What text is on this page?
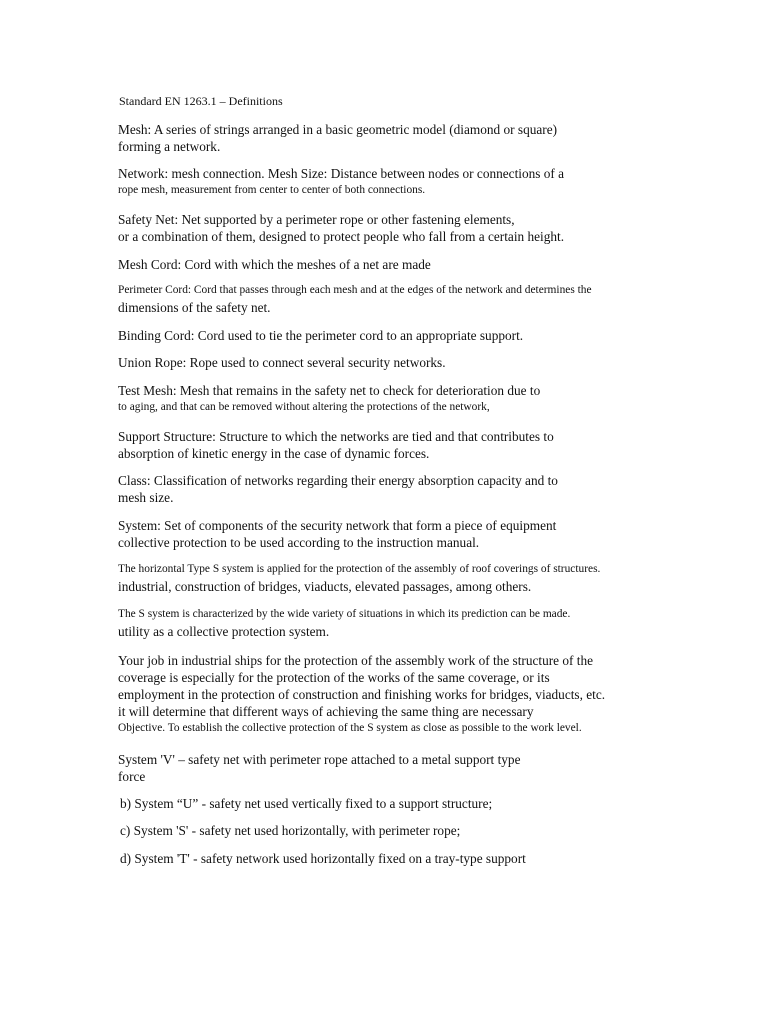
Standard EN 1263.1 – Definitions
Mesh: A series of strings arranged in a basic geometric model (diamond or square)
forming a network.
Network: mesh connection. Mesh Size: Distance between nodes or connections of a
rope mesh, measurement from center to center of both connections.
Safety Net: Net supported by a perimeter rope or other fastening elements,
or a combination of them, designed to protect people who fall from a certain height.
Mesh Cord: Cord with which the meshes of a net are made
Perimeter Cord: Cord that passes through each mesh and at the edges of the network and determines the
dimensions of the safety net.
Binding Cord: Cord used to tie the perimeter cord to an appropriate support.
Union Rope: Rope used to connect several security networks.
Test Mesh: Mesh that remains in the safety net to check for deterioration due to
to aging, and that can be removed without altering the protections of the network,
Support Structure: Structure to which the networks are tied and that contributes to
absorption of kinetic energy in the case of dynamic forces.
Class: Classification of networks regarding their energy absorption capacity and to
mesh size.
System: Set of components of the security network that form a piece of equipment
collective protection to be used according to the instruction manual.
The horizontal Type S system is applied for the protection of the assembly of roof coverings of structures.
industrial, construction of bridges, viaducts, elevated passages, among others.
The S system is characterized by the wide variety of situations in which its prediction can be made.
utility as a collective protection system.
Your job in industrial ships for the protection of the assembly work of the structure of the
coverage is especially for the protection of the works of the same coverage, or its
employment in the protection of construction and finishing works for bridges, viaducts, etc.
it will determine that different ways of achieving the same thing are necessary
Objective. To establish the collective protection of the S system as close as possible to the work level.
System 'V' – safety net with perimeter rope attached to a metal support type
force
b) System “U” - safety net used vertically fixed to a support structure;
c) System 'S' - safety net used horizontally, with perimeter rope;
d) System 'T' - safety network used horizontally fixed on a tray-type support
